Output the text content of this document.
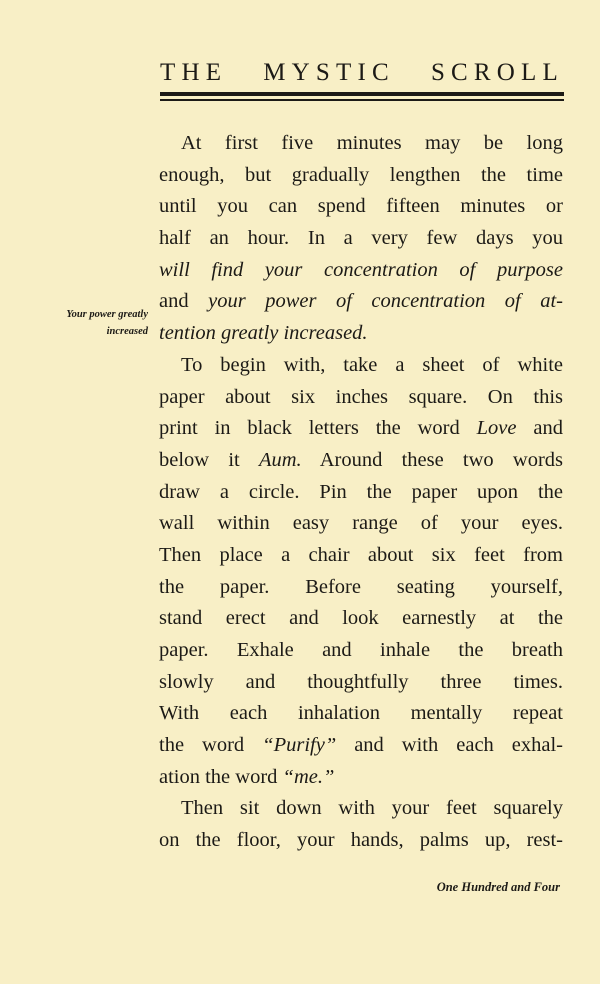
THE MYSTIC SCROLL
Your power greatly
increased
At first five minutes may be long
enough, but gradually lengthen the time
until you can spend fifteen minutes or
half an hour. In a very few days you
will find your concentration of purpose
and your power of concentration of at-
tention greatly increased.
To begin with, take a sheet of white
paper about six inches square. On this
print in black letters the word Love and
below it Aum. Around these two words
draw a circle. Pin the paper upon the
wall within easy range of your eyes.
Then place a chair about six feet from
the paper. Before seating yourself,
stand erect and look earnestly at the
paper. Exhale and inhale the breath
slowly and thoughtfully three times.
With each inhalation mentally repeat
the word “Purify” and with each exhal-
ation the word “me.”
Then sit down with your feet squarely
on the floor, your hands, palms up, rest-
One Hundred and Four
